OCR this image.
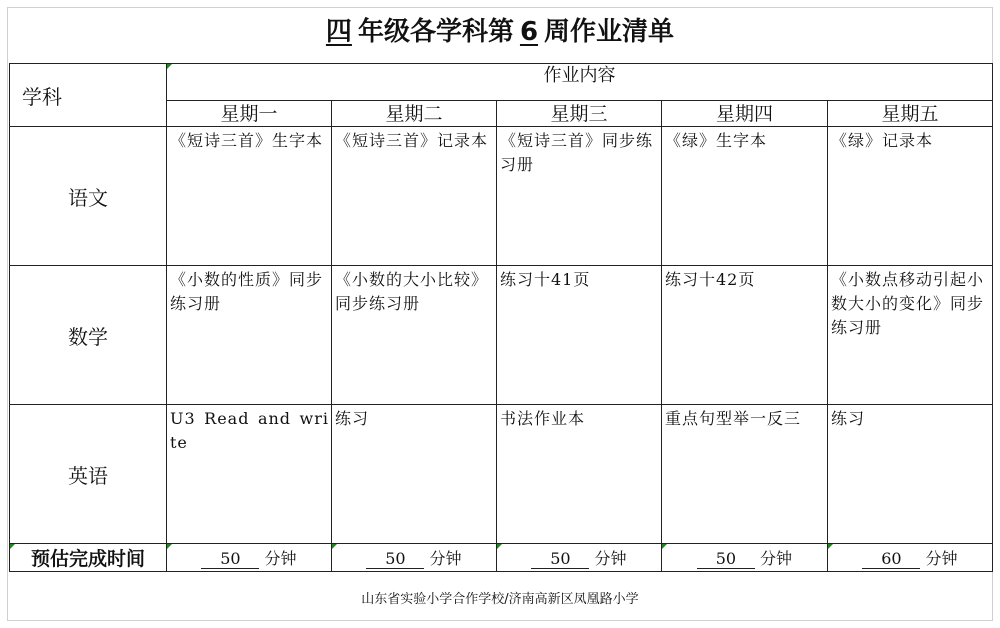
四 年级各学科第 6 周作业清单
学科	作业内容				
	星期一	星期二	星期三	星期四	星期五
语文	《短诗三首》生字本	《短诗三首》记录本	《短诗三首》同步练习册	《绿》生字本	《绿》记录本
数学	《小数的性质》同步练习册	《小数的大小比较》同步练习册	练习十41页	练习十42页	《小数点移动引起小数大小的变化》同步练习册
英语	U3 Read and write	练习	书法作业本	重点句型举一反三	练习
预估完成时间	50 分钟	50 分钟	50 分钟	50 分钟	60 分钟
山东省实验小学合作学校/济南高新区凤凰路小学
